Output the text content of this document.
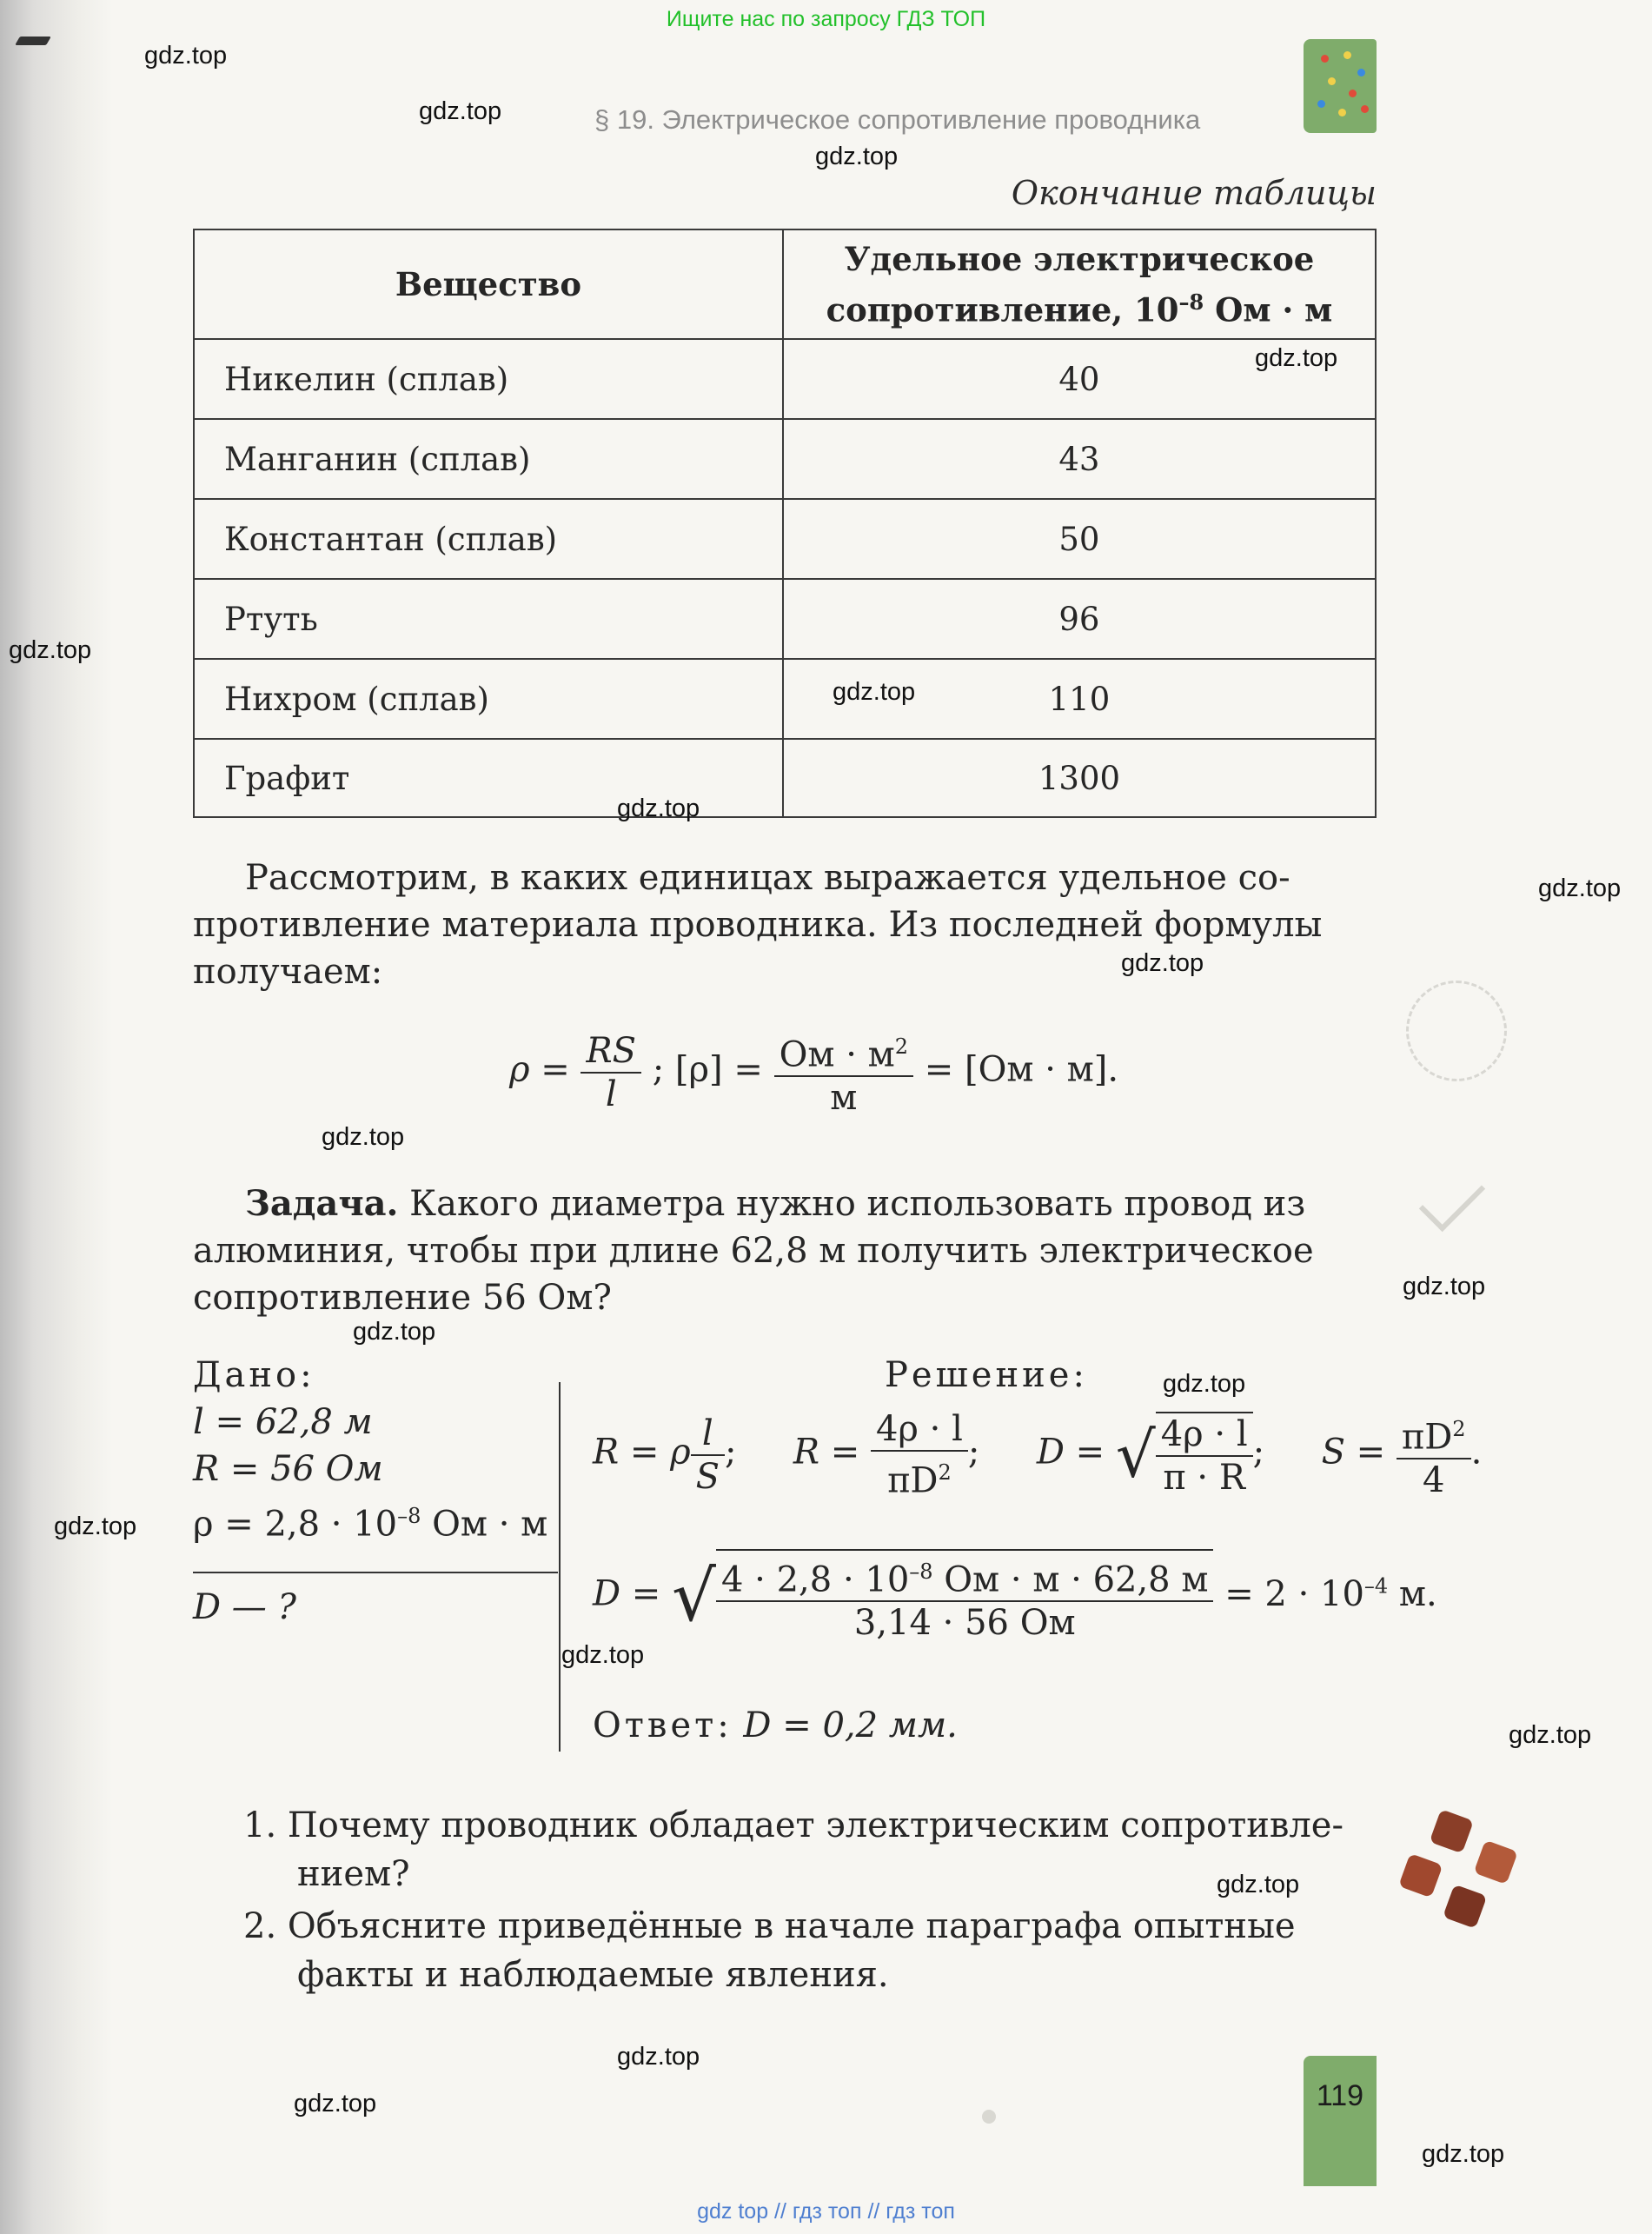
Ищите нас по запросу ГДЗ ТОП
§ 19. Электрическое сопротивление проводника
Окончание таблицы
Вещество	Удельное электрическое
сопротивление, $10^{-8}$ Ом · м
Никелин (сплав)	40
Манганин (сплав)	43
Константан (сплав)	50
Ртуть	96
Нихром (сплав)	110
Графит	1300
Рассмотрим, в каких единицах выражается удельное со-
противление материала проводника. Из последней формулы
получаем:
$\rho = \frac{RS}{l}$ ; $[\rho] = \frac{Ом \cdot м^2}{м} = [Ом \cdot м]$.
Задача. Какого диаметра нужно использовать провод из
алюминия, чтобы при длине 62,8 м получить электрическое
сопротивление 56 Ом?
Дано:
l = 62,8 м
R = 56 Ом
$\rho = 2,8 \cdot 10^{-8}$ Ом · м
D — ?
Решение:
R = ρ $\frac{l}{S}$ ;  $R = \frac{4\rho \cdot l}{\pi D^2}$ ;  D = √ $\frac{4\rho \cdot l}{\pi \cdot R}$ ;  $S = \frac{\pi D^2}{4}$ .
D = √ $\frac{4 \cdot 2,8 \cdot 10^{-8} Ом \cdot м \cdot 62,8 м}{3,14 \cdot 56 Ом} = 2 \cdot 10^{-4}$ м.
Ответ: D = 0,2 мм.
1. Почему проводник обладает электрическим сопротивле-
нием?
2. Объясните приведённые в начале параграфа опытные
факты и наблюдаемые явления.
119
gdz.top
gdz.top
gdz.top
gdz.top
gdz.top
gdz.top
gdz.top
gdz.top
gdz.top
gdz.top
gdz.top
gdz.top
gdz.top
gdz.top
gdz.top
gdz.top
gdz.top
gdz.top
gdz.top
gdz.top
gdz top // гдз топ // гдз топ
